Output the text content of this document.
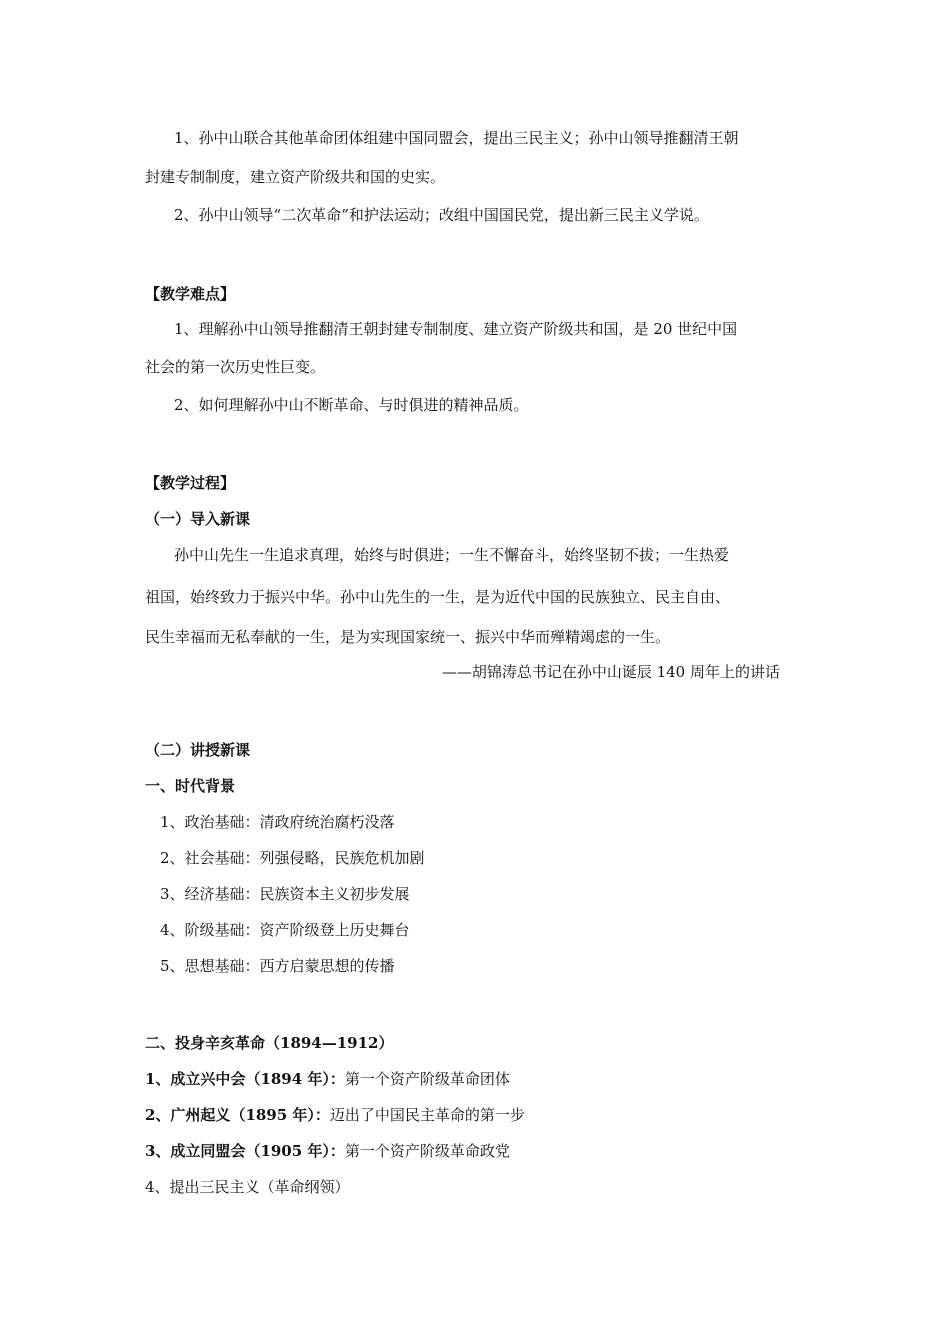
1、孙中山联合其他革命团体组建中国同盟会，提出三民主义；孙中山领导推翻清王朝
封建专制制度，建立资产阶级共和国的史实。
2、孙中山领导“二次革命”和护法运动；改组中国国民党，提出新三民主义学说。
【教学难点】
1、理解孙中山领导推翻清王朝封建专制制度、建立资产阶级共和国，是 20 世纪中国
社会的第一次历史性巨变。
2、如何理解孙中山不断革命、与时俱进的精神品质。
【教学过程】
（一）导入新课
孙中山先生一生追求真理，始终与时俱进；一生不懈奋斗，始终坚韧不拔；一生热爱
祖国，始终致力于振兴中华。孙中山先生的一生，是为近代中国的民族独立、民主自由、
民生幸福而无私奉献的一生，是为实现国家统一、振兴中华而殚精竭虑的一生。
——胡锦涛总书记在孙中山诞辰 140 周年上的讲话
（二）讲授新课
一、时代背景
1、政治基础：清政府统治腐朽没落
2、社会基础：列强侵略，民族危机加剧
3、经济基础：民族资本主义初步发展
4、阶级基础：资产阶级登上历史舞台
5、思想基础：西方启蒙思想的传播
二、投身辛亥革命（1894—1912）
1、成立兴中会（1894 年）：第一个资产阶级革命团体
2、广州起义（1895 年）：迈出了中国民主革命的第一步
3、成立同盟会（1905 年）：第一个资产阶级革命政党
4、提出三民主义（革命纲领）
